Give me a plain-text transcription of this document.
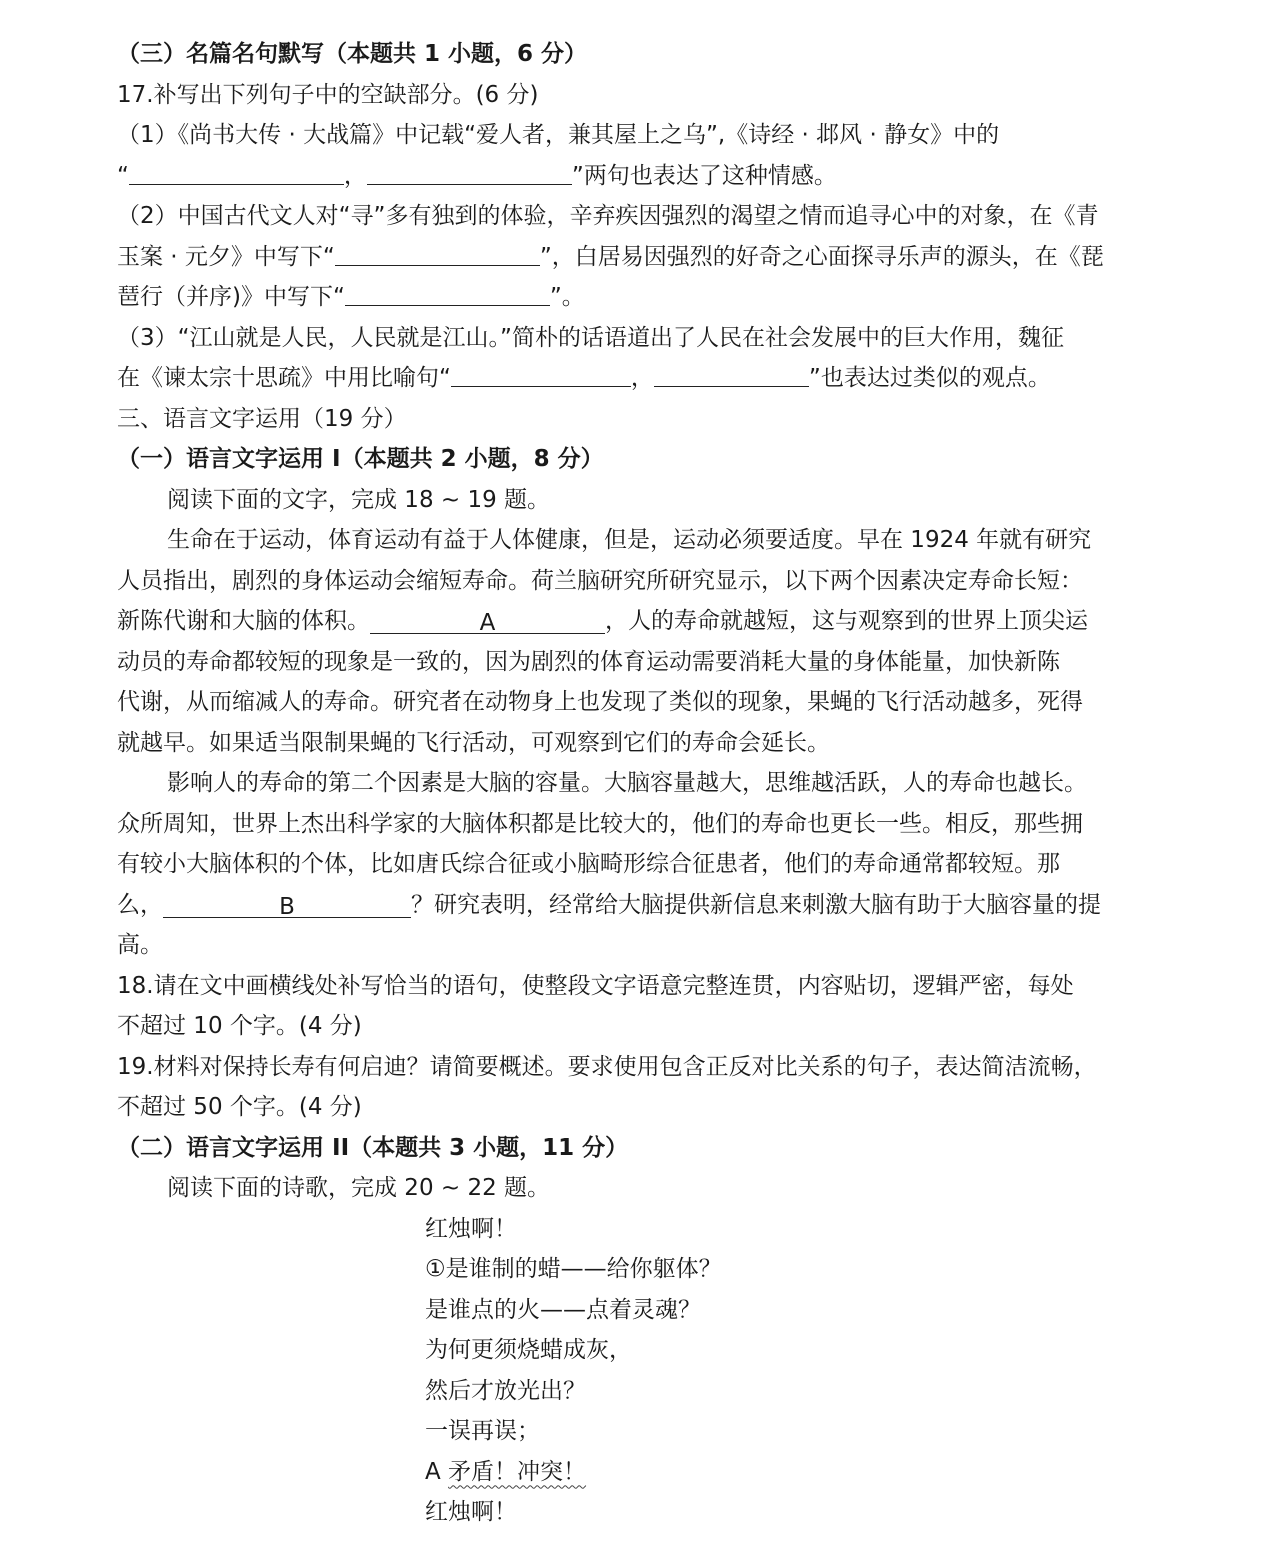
（三）名篇名句默写（本题共 1 小题，6 分）
17.补写出下列句子中的空缺部分。(6 分)
（1）《尚书大传 · 大战篇》中记载“爱人者，兼其屋上之乌”,《诗经 · 邶风 · 静女》中的
“	，	”两句也表达了这种情感。
（2）中国古代文人对“寻”多有独到的体验，辛弃疾因强烈的渴望之情而追寻心中的对象，在《青
玉案 · 元夕》中写下“	”，白居易因强烈的好奇之心面探寻乐声的源头，在《琵
琶行（并序)》中写下“	”。
（3）“江山就是人民，人民就是江山。”简朴的话语道出了人民在社会发展中的巨大作用，魏征
在《谏太宗十思疏》中用比喻句“	，	”也表达过类似的观点。
三、语言文字运用（19 分）
（一）语言文字运用 I（本题共 2 小题，8 分）
阅读下面的文字，完成 18 ~ 19 题。
生命在于运动，体育运动有益于人体健康，但是，运动必须要适度。早在 1924 年就有研究
人员指出，剧烈的身体运动会缩短寿命。荷兰脑研究所研究显示，以下两个因素决定寿命长短：
新陈代谢和大脑的体积。	A	，人的寿命就越短，这与观察到的世界上顶尖运
动员的寿命都较短的现象是一致的，因为剧烈的体育运动需要消耗大量的身体能量，加快新陈
代谢，从而缩减人的寿命。研究者在动物身上也发现了类似的现象，果蝇的飞行活动越多，死得
就越早。如果适当限制果蝇的飞行活动，可观察到它们的寿命会延长。
影响人的寿命的第二个因素是大脑的容量。大脑容量越大，思维越活跃，人的寿命也越长。
众所周知，世界上杰出科学家的大脑体积都是比较大的，他们的寿命也更长一些。相反，那些拥
有较小大脑体积的个体，比如唐氏综合征或小脑畸形综合征患者，他们的寿命通常都较短。那
么，	B	？研究表明，经常给大脑提供新信息来刺激大脑有助于大脑容量的提
高。
18.请在文中画横线处补写恰当的语句，使整段文字语意完整连贯，内容贴切，逻辑严密，每处
不超过 10 个字。(4 分)
19.材料对保持长寿有何启迪？请简要概述。要求使用包含正反对比关系的句子，表达简洁流畅，
不超过 50 个字。(4 分)
（二）语言文字运用 II（本题共 3 小题，11 分）
阅读下面的诗歌，完成 20 ~ 22 题。
红烛啊！
①是谁制的蜡——给你躯体？
是谁点的火——点着灵魂？
为何更须烧蜡成灰，
然后才放光出？
一误再误；
A 矛盾！冲突！
红烛啊！
